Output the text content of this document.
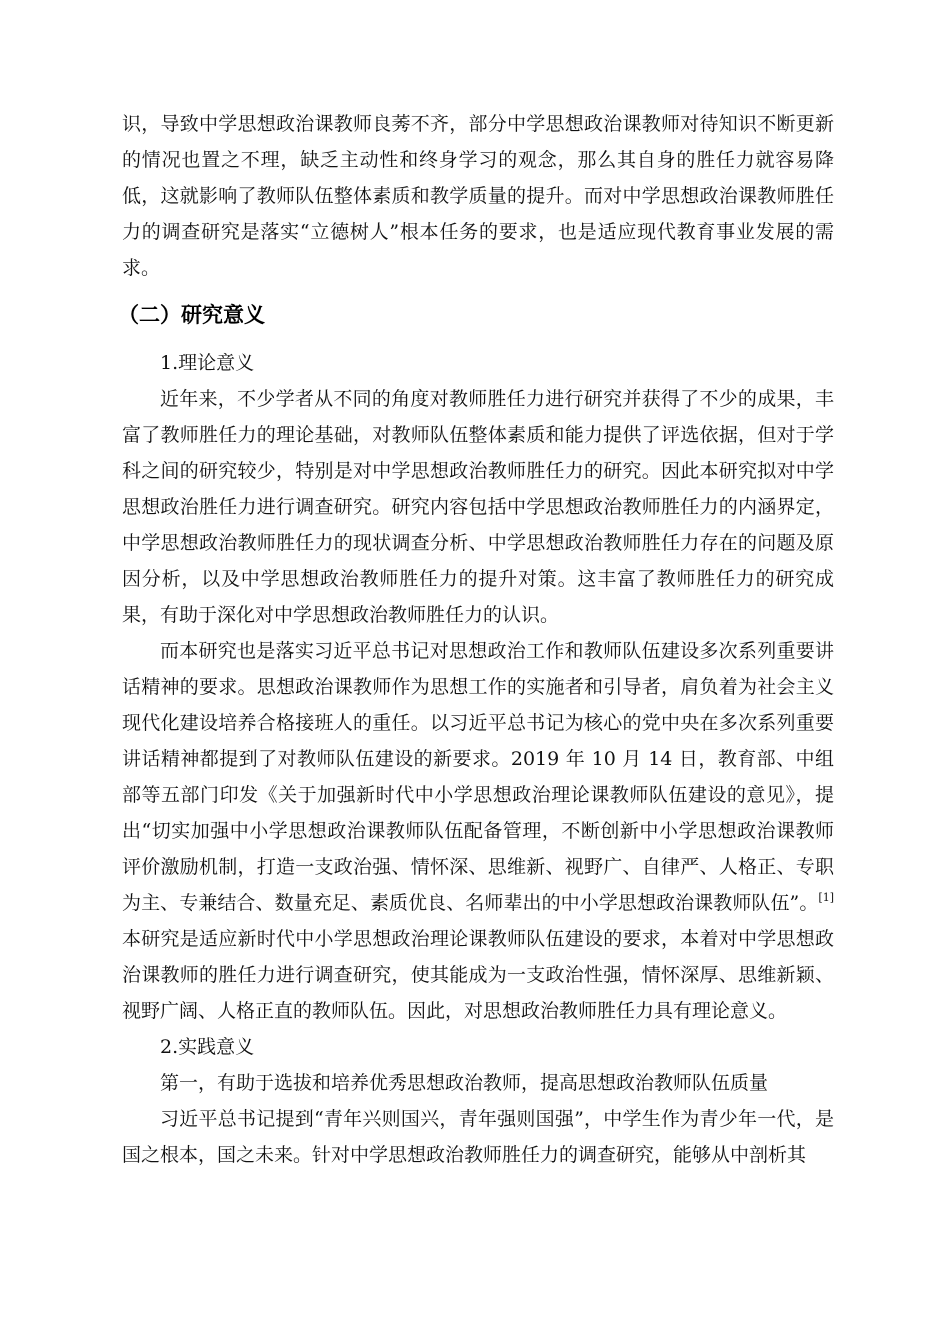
识，导致中学思想政治课教师良莠不齐，部分中学思想政治课教师对待知识不断更新的情况也置之不理，缺乏主动性和终身学习的观念，那么其自身的胜任力就容易降低，这就影响了教师队伍整体素质和教学质量的提升。而对中学思想政治课教师胜任力的调查研究是落实“立德树人”根本任务的要求，也是适应现代教育事业发展的需求。

（二）研究意义

1.理论意义

近年来，不少学者从不同的角度对教师胜任力进行研究并获得了不少的成果，丰富了教师胜任力的理论基础，对教师队伍整体素质和能力提供了评选依据，但对于学科之间的研究较少，特别是对中学思想政治教师胜任力的研究。因此本研究拟对中学思想政治胜任力进行调查研究。研究内容包括中学思想政治教师胜任力的内涵界定，中学思想政治教师胜任力的现状调查分析、中学思想政治教师胜任力存在的问题及原因分析，以及中学思想政治教师胜任力的提升对策。这丰富了教师胜任力的研究成果，有助于深化对中学思想政治教师胜任力的认识。

而本研究也是落实习近平总书记对思想政治工作和教师队伍建设多次系列重要讲话精神的要求。思想政治课教师作为思想工作的实施者和引导者，肩负着为社会主义现代化建设培养合格接班人的重任。以习近平总书记为核心的党中央在多次系列重要讲话精神都提到了对教师队伍建设的新要求。2019 年 10 月 14 日，教育部、中组部等五部门印发《关于加强新时代中小学思想政治理论课教师队伍建设的意见》，提出“切实加强中小学思想政治课教师队伍配备管理，不断创新中小学思想政治课教师评价激励机制，打造一支政治强、情怀深、思维新、视野广、自律严、人格正、专职为主、专兼结合、数量充足、素质优良、名师辈出的中小学思想政治课教师队伍”。[1]本研究是适应新时代中小学思想政治理论课教师队伍建设的要求，本着对中学思想政治课教师的胜任力进行调查研究，使其能成为一支政治性强，情怀深厚、思维新颖、视野广阔、人格正直的教师队伍。因此，对思想政治教师胜任力具有理论意义。

2.实践意义

第一，有助于选拔和培养优秀思想政治教师，提高思想政治教师队伍质量

习近平总书记提到“青年兴则国兴，青年强则国强”，中学生作为青少年一代，是国之根本，国之未来。针对中学思想政治教师胜任力的调查研究，能够从中剖析其
